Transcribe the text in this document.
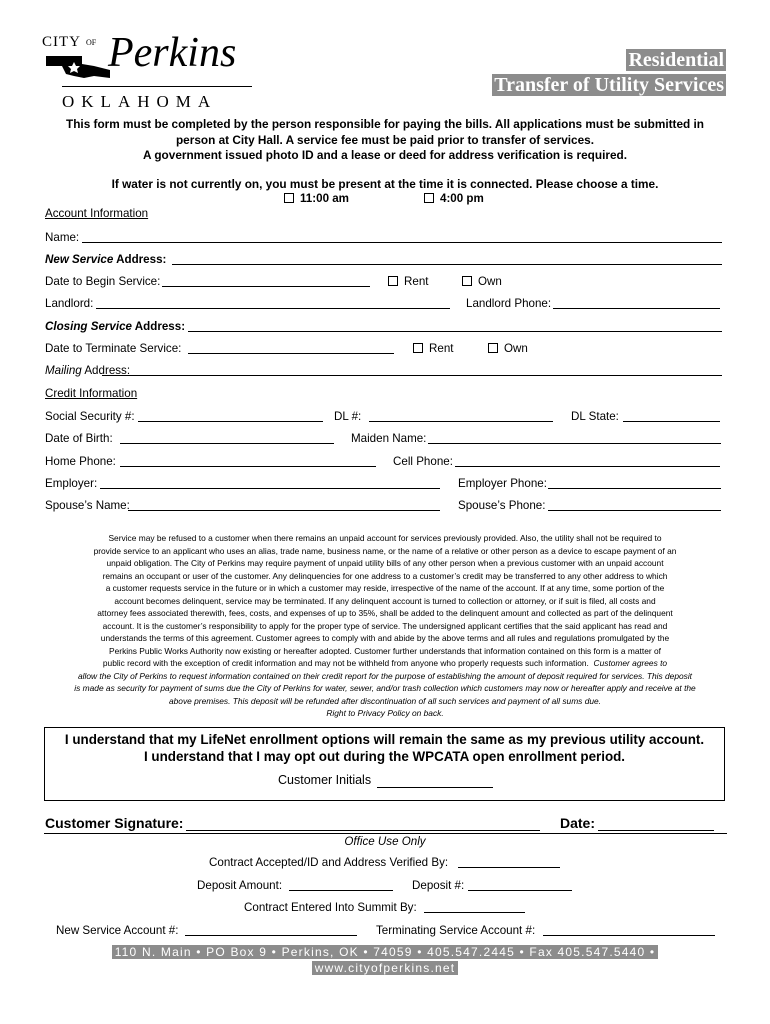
CITY OF Perkins
OKLAHOMA
Residential
Transfer of Utility Services
This form must be completed by the person responsible for paying the bills. All applications must be submitted in
person at City Hall. A service fee must be paid prior to transfer of services.
A government issued photo ID and a lease or deed for address verification is required.
If water is not currently on, you must be present at the time it is connected. Please choose a time.
11:00 am	4:00 pm
Account Information
Name:
New Service Address:
Date to Begin Service:	Rent	Own
Landlord:	Landlord Phone:
Closing Service Address:
Date to Terminate Service:	Rent	Own
Mailing Address:
Credit Information
Social Security #:	DL #:	DL State:
Date of Birth:	Maiden Name:
Home Phone:	Cell Phone:
Employer:	Employer Phone:
Spouse’s Name:	Spouse’s Phone:
Service may be refused to a customer when there remains an unpaid account for services previously provided. Also, the utility shall not be required to
provide service to an applicant who uses an alias, trade name, business name, or the name of a relative or other person as a device to escape payment of an
unpaid obligation. The City of Perkins may require payment of unpaid utility bills of any other person when a previous customer with an unpaid account
remains an occupant or user of the customer. Any delinquencies for one address to a customer’s credit may be transferred to any other address to which
a customer requests service in the future or in which a customer may reside, irrespective of the name of the account. If at any time, some portion of the
account becomes delinquent, service may be terminated. If any delinquent account is turned to collection or attorney, or if suit is filed, all costs and
attorney fees associated therewith, fees, costs, and expenses of up to 35%, shall be added to the delinquent amount and collected as part of the delinquent
account. It is the customer’s responsibility to apply for the proper type of service. The undersigned applicant certifies that the said applicant has read and
understands the terms of this agreement. Customer agrees to comply with and abide by the above terms and all rules and regulations promulgated by the
Perkins Public Works Authority now existing or hereafter adopted. Customer further understands that information contained on this form is a matter of
public record with the exception of credit information and may not be withheld from anyone who properly requests such information. Customer agrees to
allow the City of Perkins to request information contained on their credit report for the purpose of establishing the amount of deposit required for services. This deposit
is made as security for payment of sums due the City of Perkins for water, sewer, and/or trash collection which customers may now or hereafter apply and receive at the
above premises. This deposit will be refunded after discontinuation of all such services and payment of all sums due.
Right to Privacy Policy on back.
I understand that my LifeNet enrollment options will remain the same as my previous utility account.
I understand that I may opt out during the WPCATA open enrollment period.
Customer Initials
Customer Signature:	Date:
Office Use Only
Contract Accepted/ID and Address Verified By:
Deposit Amount:	Deposit #:
Contract Entered Into Summit By:
New Service Account #:	Terminating Service Account #:
110 N. Main • PO Box 9 • Perkins, OK • 74059 • 405.547.2445 • Fax 405.547.5440 •
www.cityofperkins.net
